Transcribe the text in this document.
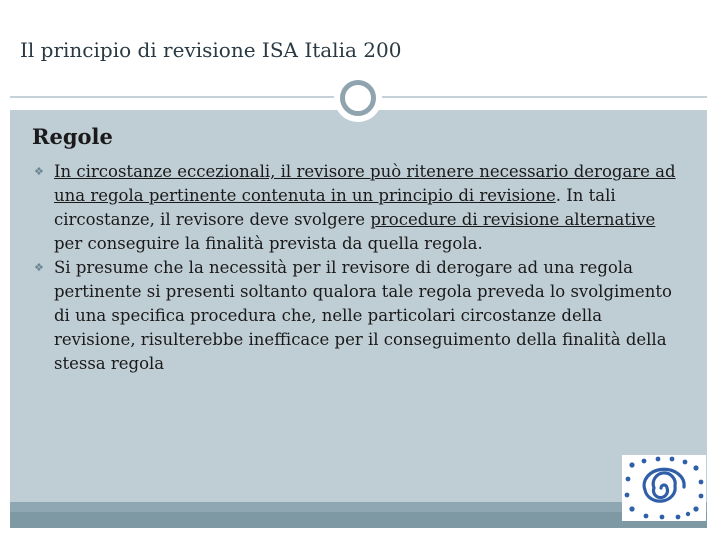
Il principio di revisione ISA Italia 200
Regole
❖ In circostanze eccezionali, il revisore può ritenere necessario derogare ad una regola pertinente contenuta in un principio di revisione. In tali circostanze, il revisore deve svolgere procedure di revisione alternative per conseguire la finalità prevista da quella regola.
❖ Si presume che la necessità per il revisore di derogare ad una regola pertinente si presenti soltanto qualora tale regola preveda lo svolgimento di una specifica procedura che, nelle particolari circostanze della revisione, risulterebbe inefficace per il conseguimento della finalità della stessa regola
